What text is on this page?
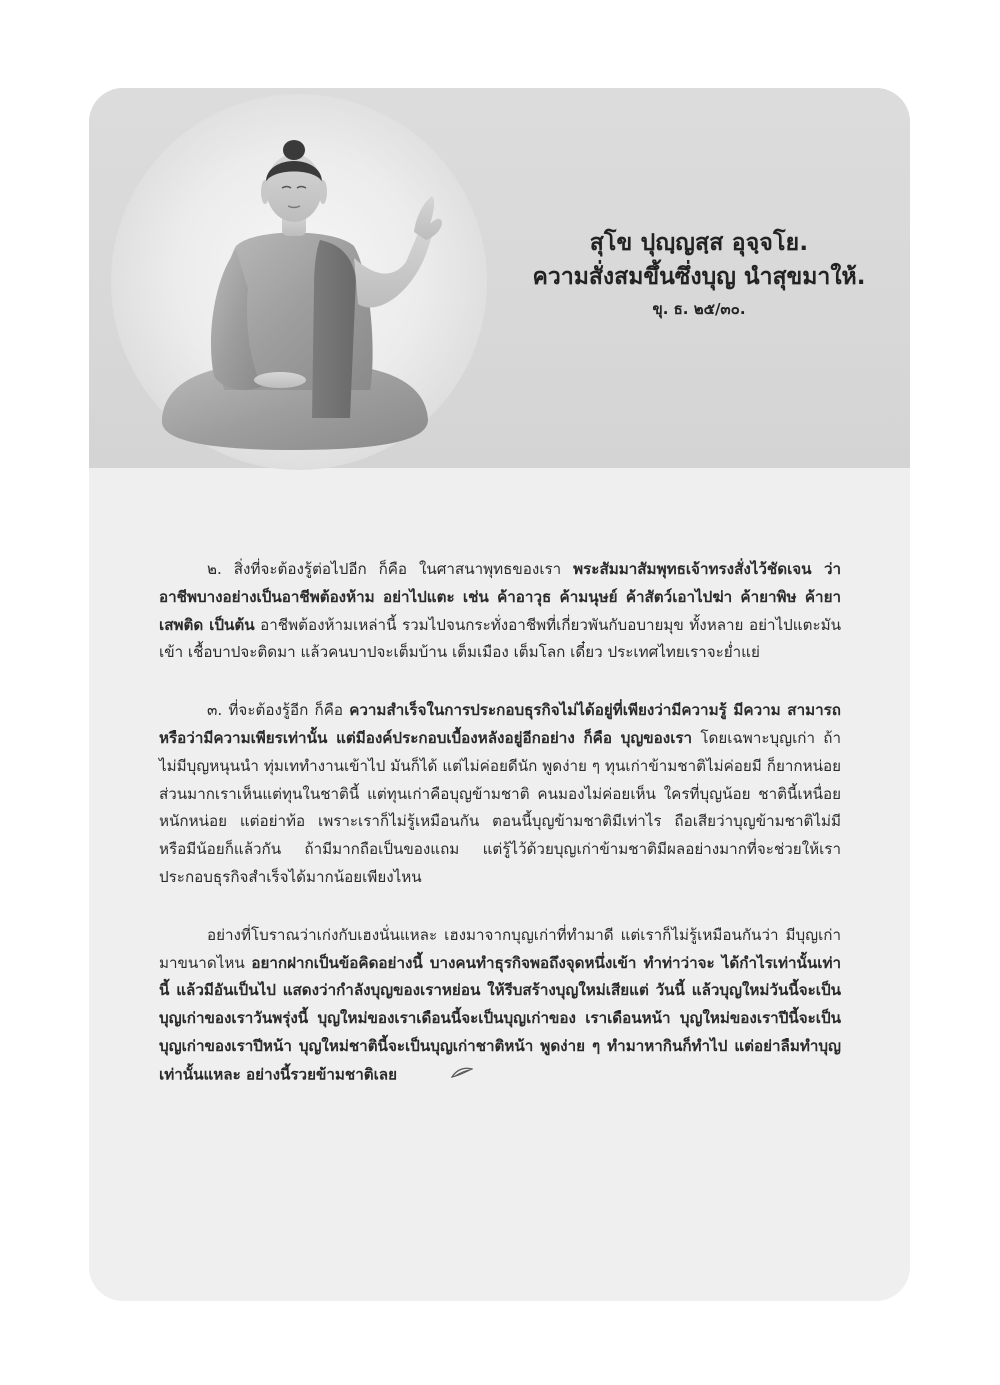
สุโข ปุญฺญสฺส อุจฺจโย.
ความสั่งสมขึ้นซึ่งบุญ นำสุขมาให้.
ขุ. ธ. ๒๕/๓๐.

๒. สิ่งที่จะต้องรู้ต่อไปอีก ก็คือ ในศาสนาพุทธของเรา พระสัมมาสัมพุทธเจ้าทรงสั่งไว้ชัดเจน ว่าอาชีพบางอย่างเป็นอาชีพต้องห้าม อย่าไปแตะ เช่น ค้าอาวุธ ค้ามนุษย์ ค้าสัตว์เอาไปฆ่า ค้ายาพิษ ค้ายาเสพติด เป็นต้น อาชีพต้องห้ามเหล่านี้ รวมไปจนกระทั่งอาชีพที่เกี่ยวพันกับอบายมุข ทั้งหลาย อย่าไปแตะมันเข้า เชื้อบาปจะติดมา แล้วคนบาปจะเต็มบ้าน เต็มเมือง เต็มโลก เดี๋ยว ประเทศไทยเราจะย่ำแย่

๓. ที่จะต้องรู้อีก ก็คือ ความสำเร็จในการประกอบธุรกิจไม่ได้อยู่ที่เพียงว่ามีความรู้ มีความ สามารถ หรือว่ามีความเพียรเท่านั้น แต่มีองค์ประกอบเบื้องหลังอยู่อีกอย่าง ก็คือ บุญของเรา โดยเฉพาะบุญเก่า ถ้าไม่มีบุญหนุนนำ ทุ่มเททำงานเข้าไป มันก็ได้ แต่ไม่ค่อยดีนัก พูดง่าย ๆ ทุนเก่าข้ามชาติไม่ค่อยมี ก็ยากหน่อย ส่วนมากเราเห็นแต่ทุนในชาตินี้ แต่ทุนเก่าคือบุญข้ามชาติ คนมองไม่ค่อยเห็น ใครที่บุญน้อย ชาตินี้เหนื่อยหนักหน่อย แต่อย่าท้อ เพราะเราก็ไม่รู้เหมือนกัน ตอนนี้บุญข้ามชาติมีเท่าไร ถือเสียว่าบุญข้ามชาติไม่มี หรือมีน้อยก็แล้วกัน ถ้ามีมากถือเป็นของแถม แต่รู้ไว้ด้วยบุญเก่าข้ามชาติมีผลอย่างมากที่จะช่วยให้เราประกอบธุรกิจสำเร็จได้มากน้อยเพียงไหน

อย่างที่โบราณว่าเก่งกับเฮงนั่นแหละ เฮงมาจากบุญเก่าที่ทำมาดี แต่เราก็ไม่รู้เหมือนกันว่า มีบุญเก่ามาขนาดไหน อยากฝากเป็นข้อคิดอย่างนี้ บางคนทำธุรกิจพอถึงจุดหนึ่งเข้า ทำท่าว่าจะ ได้กำไรเท่านั้นเท่านี้ แล้วมีอันเป็นไป แสดงว่ากำลังบุญของเราหย่อน ให้รีบสร้างบุญใหม่เสียแต่ วันนี้ แล้วบุญใหม่วันนี้จะเป็นบุญเก่าของเราวันพรุ่งนี้ บุญใหม่ของเราเดือนนี้จะเป็นบุญเก่าของ เราเดือนหน้า บุญใหม่ของเราปีนี้จะเป็นบุญเก่าของเราปีหน้า บุญใหม่ชาตินี้จะเป็นบุญเก่าชาติหน้า พูดง่าย ๆ ทำมาหากินก็ทำไป แต่อย่าลืมทำบุญเท่านั้นแหละ อย่างนี้รวยข้ามชาติเลย
